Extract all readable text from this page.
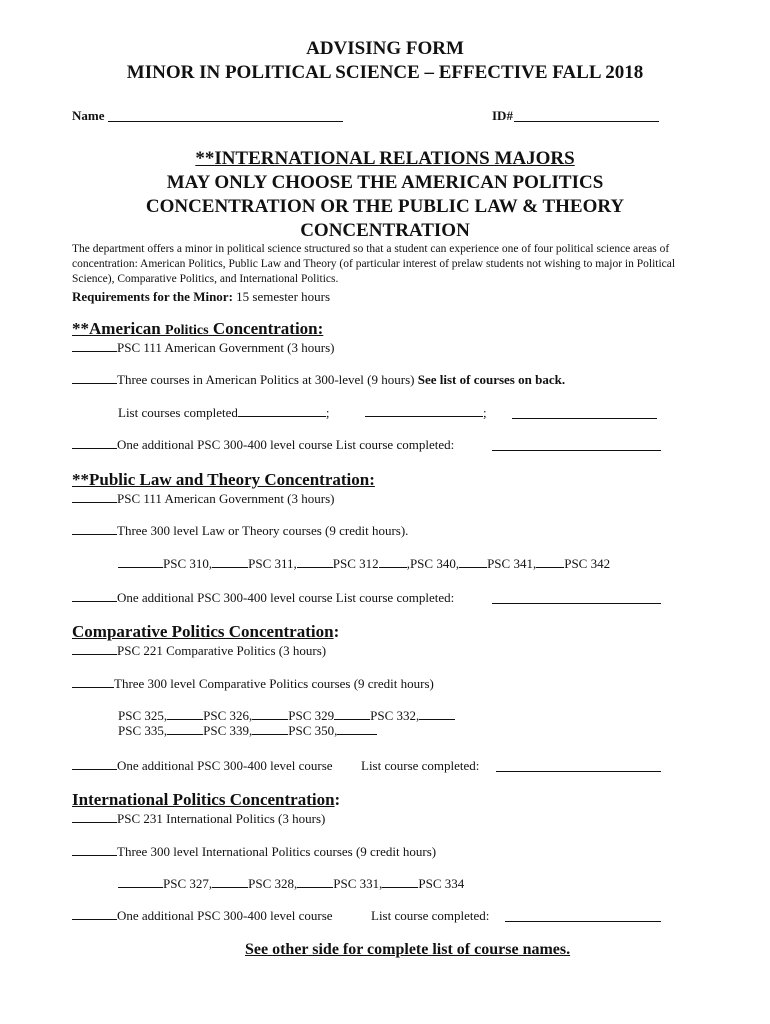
ADVISING FORM
MINOR IN POLITICAL SCIENCE – EFFECTIVE FALL 2018
Name	ID#
**INTERNATIONAL RELATIONS MAJORS
MAY ONLY CHOOSE THE AMERICAN POLITICS
CONCENTRATION OR THE PUBLIC LAW & THEORY
CONCENTRATION
The department offers a minor in political science structured so that a student can experience one of four political science areas of concentration: American Politics, Public Law and Theory (of particular interest of prelaw students not wishing to major in Political Science), Comparative Politics, and International Politics.
Requirements for the Minor: 15 semester hours
**American Politics Concentration:
PSC 111 American Government (3 hours)
Three courses in American Politics at 300-level (9 hours) See list of courses on back.
List courses completed	;	;
One additional PSC 300-400 level course List course completed:
**Public Law and Theory Concentration:
PSC 111 American Government (3 hours)
Three 300 level Law or Theory courses (9 credit hours).
PSC 310,	PSC 311,	PSC 312 ,PSC 340, PSC 341, PSC 342
One additional PSC 300-400 level course List course completed:
Comparative Politics Concentration:
PSC 221 Comparative Politics (3 hours)
Three 300 level Comparative Politics courses (9 credit hours)
PSC 325,	PSC 326,	PSC 329	PSC 332,
PSC 335,	PSC 339,	PSC 350,
One additional PSC 300-400 level course List course completed:
International Politics Concentration:
PSC 231 International Politics (3 hours)
Three 300 level International Politics courses (9 credit hours)
PSC 327,	PSC 328,	PSC 331,	PSC 334
One additional PSC 300-400 level course	List course completed:
See other side for complete list of course names.
